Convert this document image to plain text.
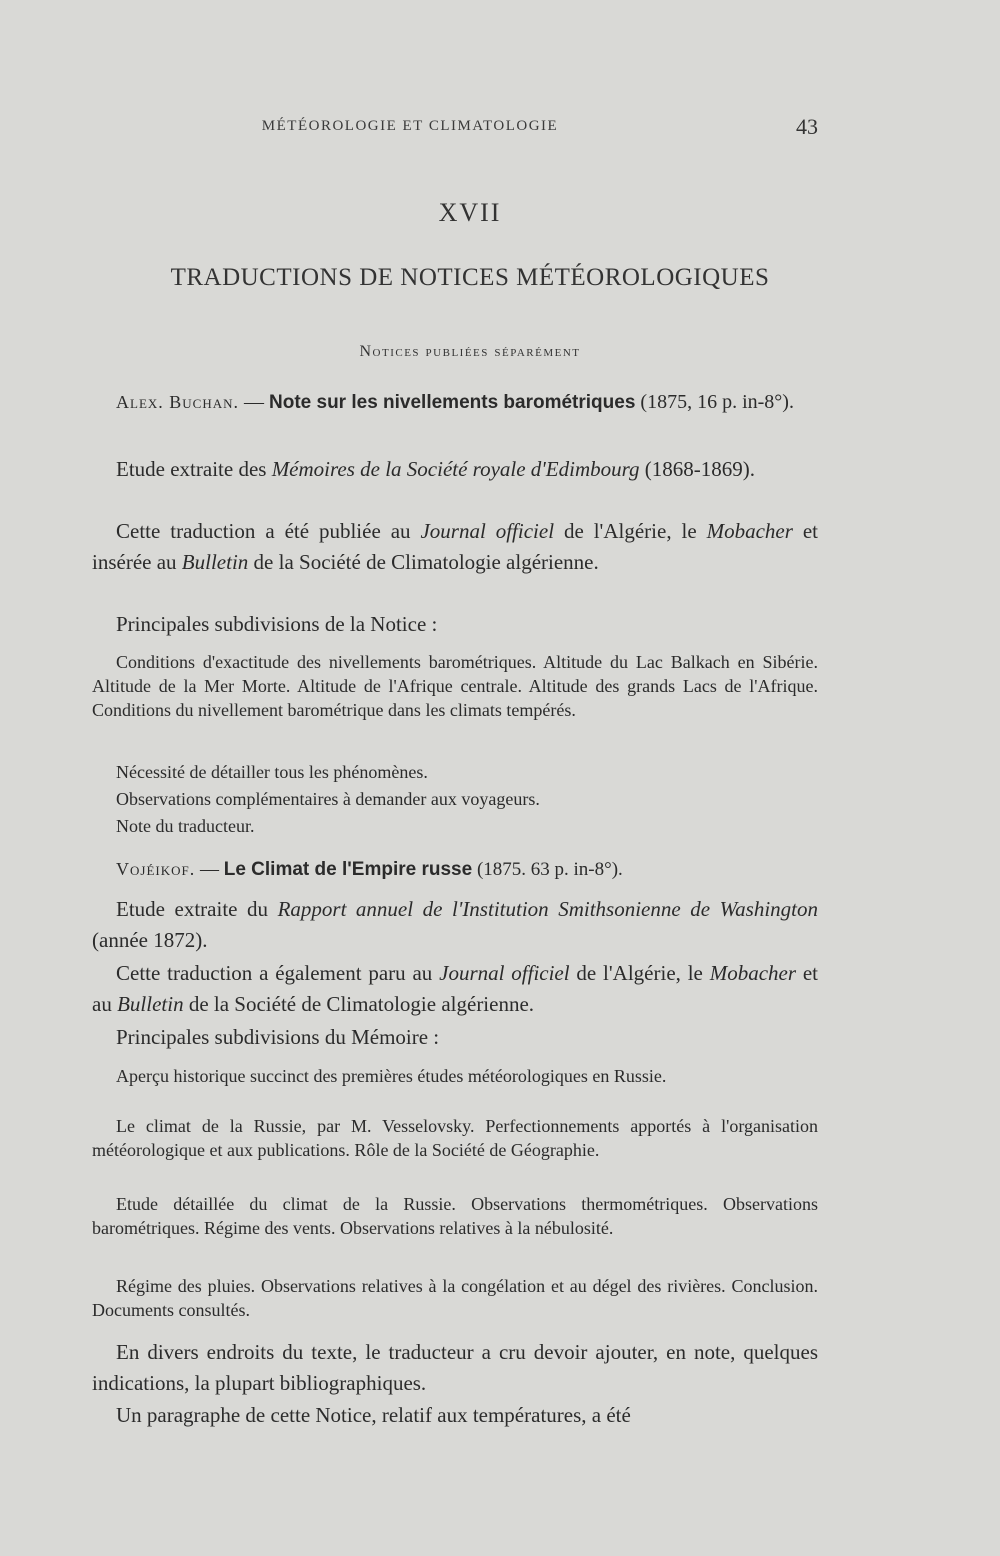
MÉTÉOROLOGIE ET CLIMATOLOGIE	43
XVII
TRADUCTIONS DE NOTICES MÉTÉOROLOGIQUES
Notices publiées séparément

Alex. Buchan. — Note sur les nivellements barométriques (1875, 16 p. in-8°).

Etude extraite des Mémoires de la Société royale d'Edimbourg (1868-1869).

Cette traduction a été publiée au Journal officiel de l'Algérie, le Mobacher et insérée au Bulletin de la Société de Climatologie algérienne.

Principales subdivisions de la Notice :

Conditions d'exactitude des nivellements barométriques. Altitude du Lac Balkach en Sibérie. Altitude de la Mer Morte. Altitude de l'Afrique centrale. Altitude des grands Lacs de l'Afrique. Conditions du nivellement barométrique dans les climats tempérés.

Nécessité de détailler tous les phénomènes.

Observations complémentaires à demander aux voyageurs.

Note du traducteur.

Vojéikof. — Le Climat de l'Empire russe (1875. 63 p. in-8°).

Etude extraite du Rapport annuel de l'Institution Smithsonienne de Washington (année 1872).

Cette traduction a également paru au Journal officiel de l'Algérie, le Mobacher et au Bulletin de la Société de Climatologie algérienne.

Principales subdivisions du Mémoire :

Aperçu historique succinct des premières études météorologiques en Russie.

Le climat de la Russie, par M. Vesselovsky. Perfectionnements apportés à l'organisation météorologique et aux publications. Rôle de la Société de Géographie.

Etude détaillée du climat de la Russie. Observations thermométriques. Observations barométriques. Régime des vents. Observations relatives à la nébulosité.

Régime des pluies. Observations relatives à la congélation et au dégel des rivières. Conclusion. Documents consultés.

En divers endroits du texte, le traducteur a cru devoir ajouter, en note, quelques indications, la plupart bibliographiques.

Un paragraphe de cette Notice, relatif aux températures, a été
